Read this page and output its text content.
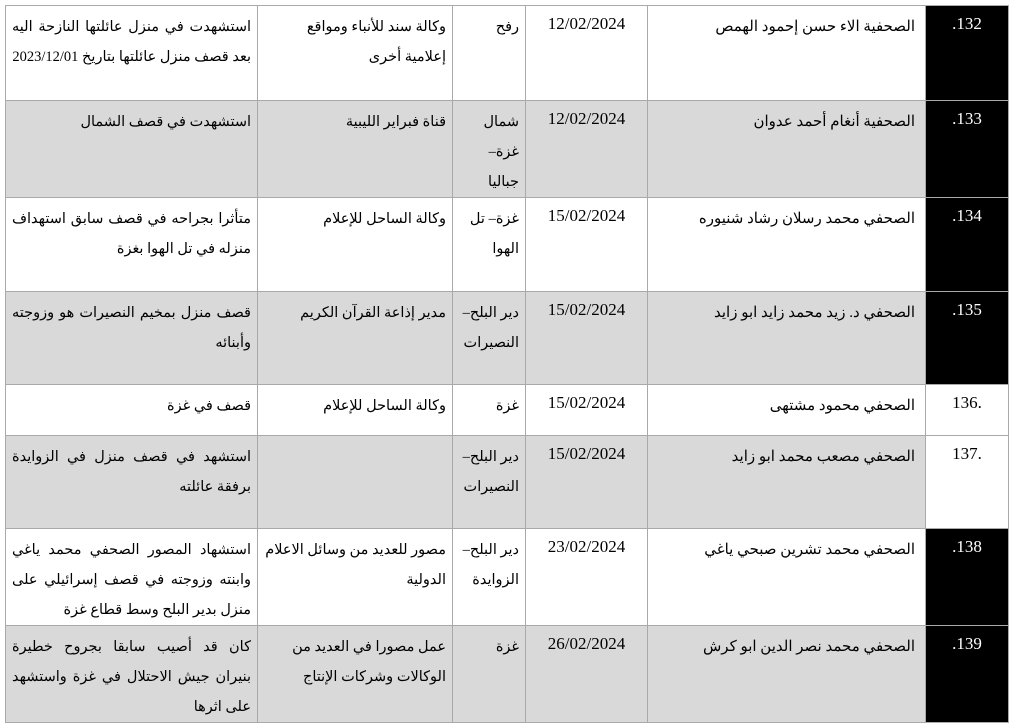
استشهدت في منزل عائلتها النازحة اليه بعد قصف منزل عائلتها بتاريخ 2023/12/01	وكالة سند للأنباء ومواقع إعلامية أخرى	رفح	12/02/2024	الصحفية الاء حسن إحمود الهمص	.132
استشهدت في قصف الشمال	قناة فبراير الليبية	شمال غزة– جباليا	12/02/2024	الصحفية أنغام أحمد عدوان	.133
متأثرا بجراحه في قصف سابق استهداف منزله في تل الهوا بغزة	وكالة الساحل للإعلام	غزة– تل الهوا	15/02/2024	الصحفي محمد رسلان رشاد شنيوره	.134
قصف منزل بمخيم النصيرات هو وزوجته وأبنائه	مدير إذاعة القرآن الكريم	دير البلح– النصيرات	15/02/2024	الصحفي د. زيد محمد زايد ابو زايد	.135
قصف في غزة	وكالة الساحل للإعلام	غزة	15/02/2024	الصحفي محمود مشتهى	136.
استشهد في قصف منزل في الزوايدة برفقة عائلته		دير البلح– النصيرات	15/02/2024	الصحفي مصعب محمد ابو زايد	137.
استشهاد المصور الصحفي محمد ياغي وابنته وزوجته في قصف إسرائيلي على منزل بدير البلح وسط قطاع غزة	مصور للعديد من وسائل الاعلام الدولية	دير البلح– الزوايدة	23/02/2024	الصحفي محمد تشرين صبحي ياغي	.138
كان قد أصيب سابقا بجروح خطيرة بنيران جيش الاحتلال في غزة واستشهد على اثرها	عمل مصورا في العديد من الوكالات وشركات الإنتاج	غزة	26/02/2024	الصحفي محمد نصر الدين ابو كرش	.139
